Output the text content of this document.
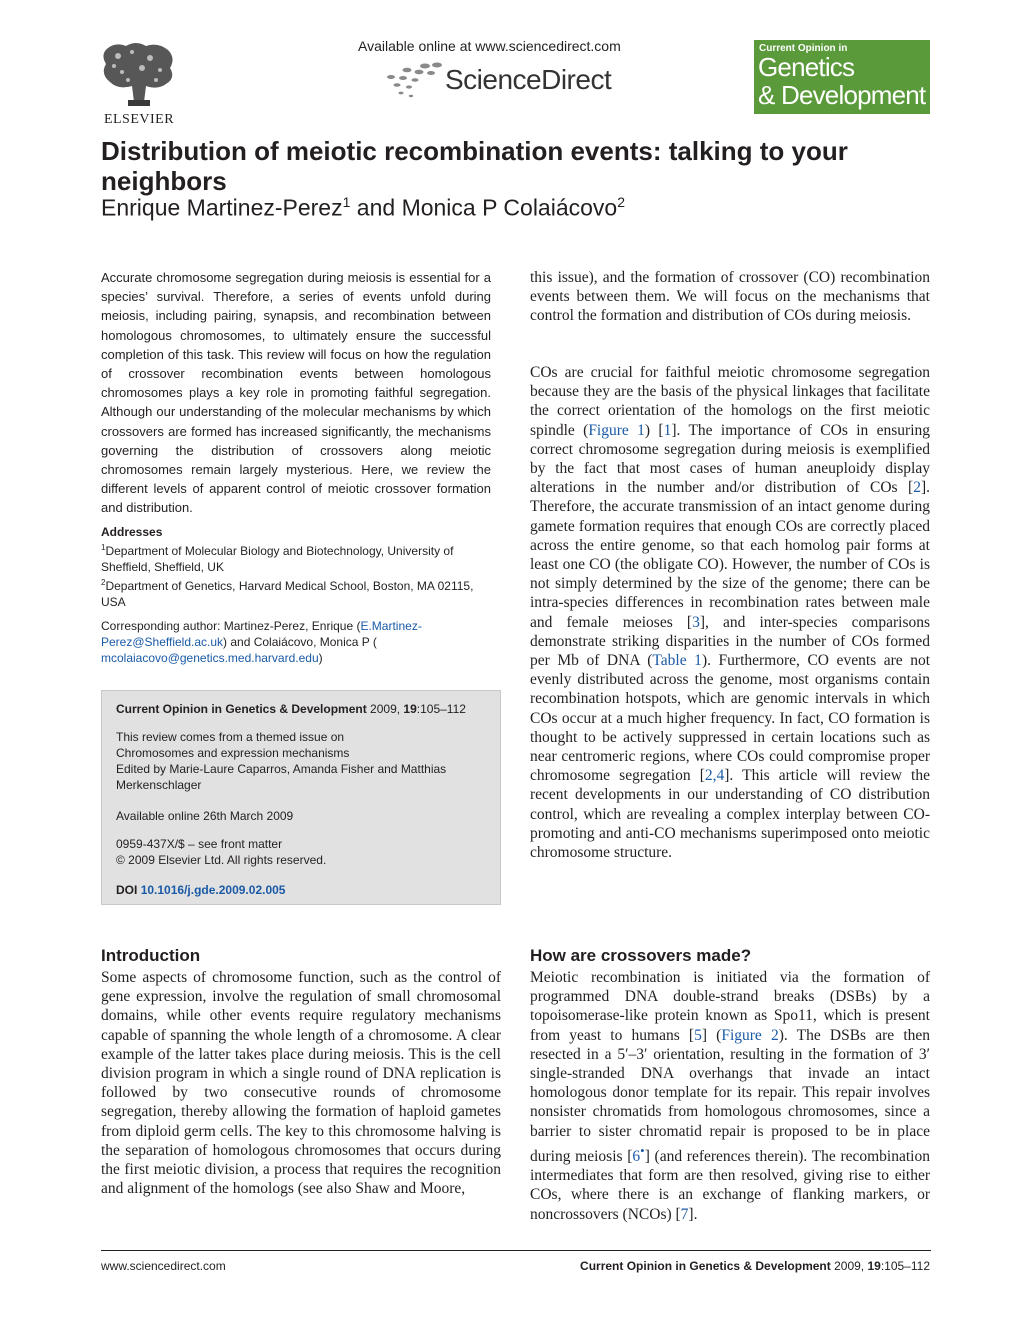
ELSEVIER
Available online at www.sciencedirect.com
ScienceDirect
Current Opinion in
Genetics
& Development
Distribution of meiotic recombination events: talking to your neighbors
Enrique Martinez-Perez$^1$ and Monica P Colaiácovo$^2$
Accurate chromosome segregation during meiosis is essential for a species’ survival. Therefore, a series of events unfold during meiosis, including pairing, synapsis, and recombination between homologous chromosomes, to ultimately ensure the successful completion of this task. This review will focus on how the regulation of crossover recombination events between homologous chromosomes plays a key role in promoting faithful segregation. Although our understanding of the molecular mechanisms by which crossovers are formed has increased significantly, the mechanisms governing the distribution of crossovers along meiotic chromosomes remain largely mysterious. Here, we review the different levels of apparent control of meiotic crossover formation and distribution.
Addresses
$^1$Department of Molecular Biology and Biotechnology, University of Sheffield, Sheffield, UK
$^2$Department of Genetics, Harvard Medical School, Boston, MA 02115, USA
Corresponding author: Martinez-Perez, Enrique (E.Martinez-Perez@Sheffield.ac.uk) and Colaiácovo, Monica P (
mcolaiacovo@genetics.med.harvard.edu)
Current Opinion in Genetics & Development 2009, 19:105–112
This review comes from a themed issue on
Chromosomes and expression mechanisms
Edited by Marie-Laure Caparros, Amanda Fisher and Matthias Merkenschlager
Available online 26th March 2009
0959-437X/$ – see front matter
© 2009 Elsevier Ltd. All rights reserved.
DOI 10.1016/j.gde.2009.02.005
Introduction
Some aspects of chromosome function, such as the control of gene expression, involve the regulation of small chromosomal domains, while other events require regulatory mechanisms capable of spanning the whole length of a chromosome. A clear example of the latter takes place during meiosis. This is the cell division program in which a single round of DNA replication is followed by two consecutive rounds of chromosome segregation, thereby allowing the formation of haploid gametes from diploid germ cells. The key to this chromosome halving is the separation of homologous chromosomes that occurs during the first meiotic division, a process that requires the recognition and alignment of the homologs (see also Shaw and Moore,
this issue), and the formation of crossover (CO) recombination events between them. We will focus on the mechanisms that control the formation and distribution of COs during meiosis.
COs are crucial for faithful meiotic chromosome segregation because they are the basis of the physical linkages that facilitate the correct orientation of the homologs on the first meiotic spindle (Figure 1) [1]. The importance of COs in ensuring correct chromosome segregation during meiosis is exemplified by the fact that most cases of human aneuploidy display alterations in the number and/or distribution of COs [2]. Therefore, the accurate transmission of an intact genome during gamete formation requires that enough COs are correctly placed across the entire genome, so that each homolog pair forms at least one CO (the obligate CO). However, the number of COs is not simply determined by the size of the genome; there can be intra-species differences in recombination rates between male and female meioses [3], and inter-species comparisons demonstrate striking disparities in the number of COs formed per Mb of DNA (Table 1). Furthermore, CO events are not evenly distributed across the genome, most organisms contain recombination hotspots, which are genomic intervals in which COs occur at a much higher frequency. In fact, CO formation is thought to be actively suppressed in certain locations such as near centromeric regions, where COs could compromise proper chromosome segregation [2,4]. This article will review the recent developments in our understanding of CO distribution control, which are revealing a complex interplay between CO-promoting and anti-CO mechanisms superimposed onto meiotic chromosome structure.
How are crossovers made?
Meiotic recombination is initiated via the formation of programmed DNA double-strand breaks (DSBs) by a topoisomerase-like protein known as Spo11, which is present from yeast to humans [5] (Figure 2). The DSBs are then resected in a 5′–3′ orientation, resulting in the formation of 3′ single-stranded DNA overhangs that invade an intact homologous donor template for its repair. This repair involves nonsister chromatids from homologous chromosomes, since a barrier to sister chromatid repair is proposed to be in place during meiosis [6•] (and references therein). The recombination intermediates that form are then resolved, giving rise to either COs, where there is an exchange of flanking markers, or noncrossovers (NCOs) [7].
www.sciencedirect.com	Current Opinion in Genetics & Development 2009, 19:105–112
